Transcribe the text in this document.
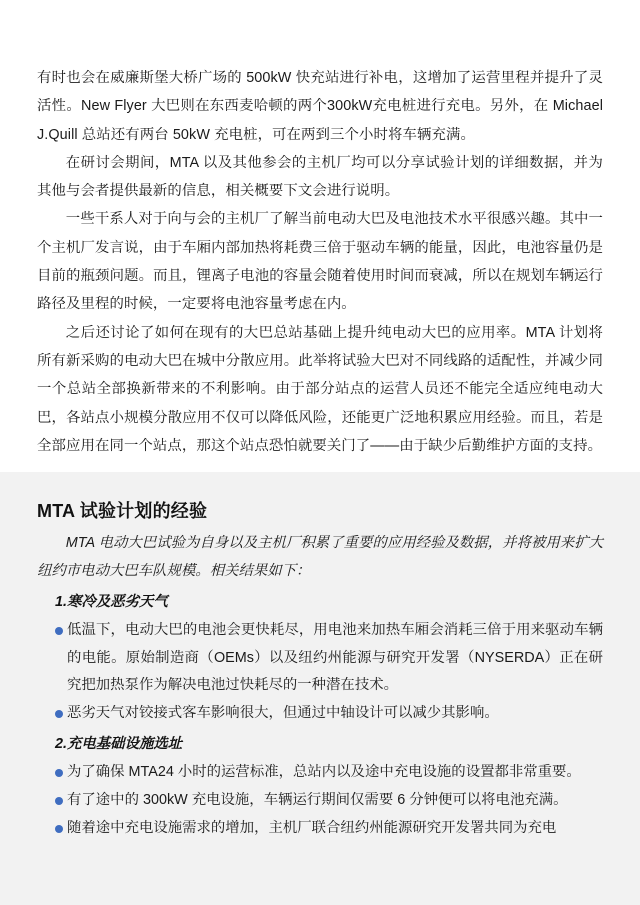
有时也会在威廉斯堡大桥广场的 500kW 快充站进行补电，这增加了运营里程并提升了灵活性。New Flyer 大巴则在东西麦哈顿的两个300kW充电桩进行充电。另外，在 Michael J.Quill 总站还有两台 50kW 充电桩，可在两到三个小时将车辆充满。

在研讨会期间，MTA 以及其他参会的主机厂均可以分享试验计划的详细数据，并为其他与会者提供最新的信息，相关概要下文会进行说明。

一些干系人对于向与会的主机厂了解当前电动大巴及电池技术水平很感兴趣。其中一个主机厂发言说，由于车厢内部加热将耗费三倍于驱动车辆的能量，因此，电池容量仍是目前的瓶颈问题。而且，锂离子电池的容量会随着使用时间而衰减，所以在规划车辆运行路径及里程的时候，一定要将电池容量考虑在内。

之后还讨论了如何在现有的大巴总站基础上提升纯电动大巴的应用率。MTA 计划将所有新采购的电动大巴在城中分散应用。此举将试验大巴对不同线路的适配性，并减少同一个总站全部换新带来的不利影响。由于部分站点的运营人员还不能完全适应纯电动大巴，各站点小规模分散应用不仅可以降低风险，还能更广泛地积累应用经验。而且，若是全部应用在同一个站点，那这个站点恐怕就要关门了——由于缺少后勤维护方面的支持。

MTA 试验计划的经验

MTA 电动大巴试验为自身以及主机厂积累了重要的应用经验及数据，并将被用来扩大纽约市电动大巴车队规模。相关结果如下：

1.寒冷及恶劣天气
低温下，电动大巴的电池会更快耗尽，用电池来加热车厢会消耗三倍于用来驱动车辆的电能。原始制造商（OEMs）以及纽约州能源与研究开发署（NYSERDA）正在研究把加热泵作为解决电池过快耗尽的一种潜在技术。
恶劣天气对铰接式客车影响很大，但通过中轴设计可以减少其影响。
2.充电基础设施选址
为了确保 MTA24 小时的运营标准，总站内以及途中充电设施的设置都非常重要。
有了途中的 300kW 充电设施，车辆运行期间仅需要 6 分钟便可以将电池充满。
随着途中充电设施需求的增加，主机厂联合纽约州能源研究开发署共同为充电
